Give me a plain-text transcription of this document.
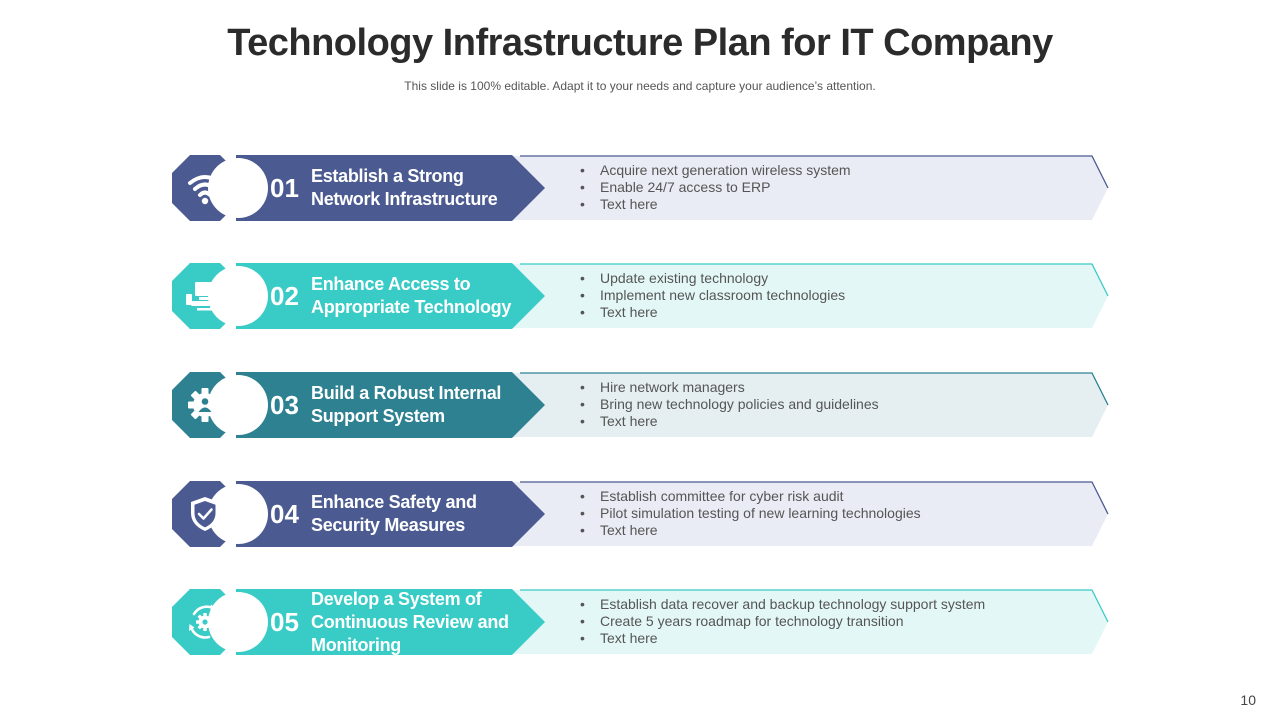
Technology Infrastructure Plan for IT Company
This slide is 100% editable. Adapt it to your needs and capture your audience’s attention.
01 Establish a Strong Network Infrastructure
• Acquire next generation wireless system
• Enable 24/7 access to ERP
• Text here
02 Enhance Access to Appropriate Technology
• Update existing technology
• Implement new classroom technologies
• Text here
03 Build a Robust Internal Support System
• Hire network managers
• Bring new technology policies and guidelines
• Text here
04 Enhance Safety and Security Measures
• Establish committee for cyber risk audit
• Pilot simulation testing of new learning technologies
• Text here
05
Develop a System of Continuous Review and Monitoring
• Establish data recover and backup technology support system
• Create 5 years roadmap for technology transition
• Text here
10
